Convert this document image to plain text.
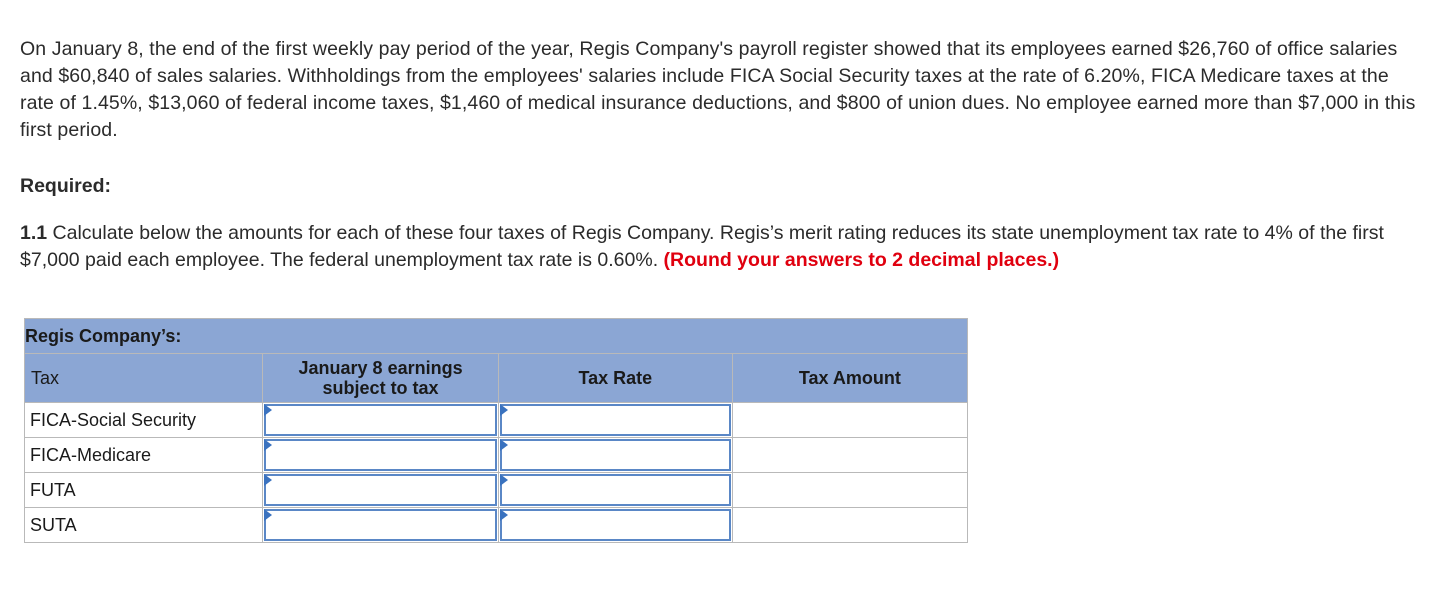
On January 8, the end of the first weekly pay period of the year, Regis Company's payroll register showed that its employees earned $26,760 of office salaries and $60,840 of sales salaries. Withholdings from the employees' salaries include FICA Social Security taxes at the rate of 6.20%, FICA Medicare taxes at the rate of 1.45%, $13,060 of federal income taxes, $1,460 of medical insurance deductions, and $800 of union dues. No employee earned more than $7,000 in this first period.

Required:

1.1 Calculate below the amounts for each of these four taxes of Regis Company. Regis’s merit rating reduces its state unemployment tax rate to 4% of the first $7,000 paid each employee. The federal unemployment tax rate is 0.60%. (Round your answers to 2 decimal places.)

Regis Company’s:			
Tax	January 8 earnings subject to tax	Tax Rate	Tax Amount
FICA-Social Security	

FICA-Medicare	

FUTA	

SUTA	
